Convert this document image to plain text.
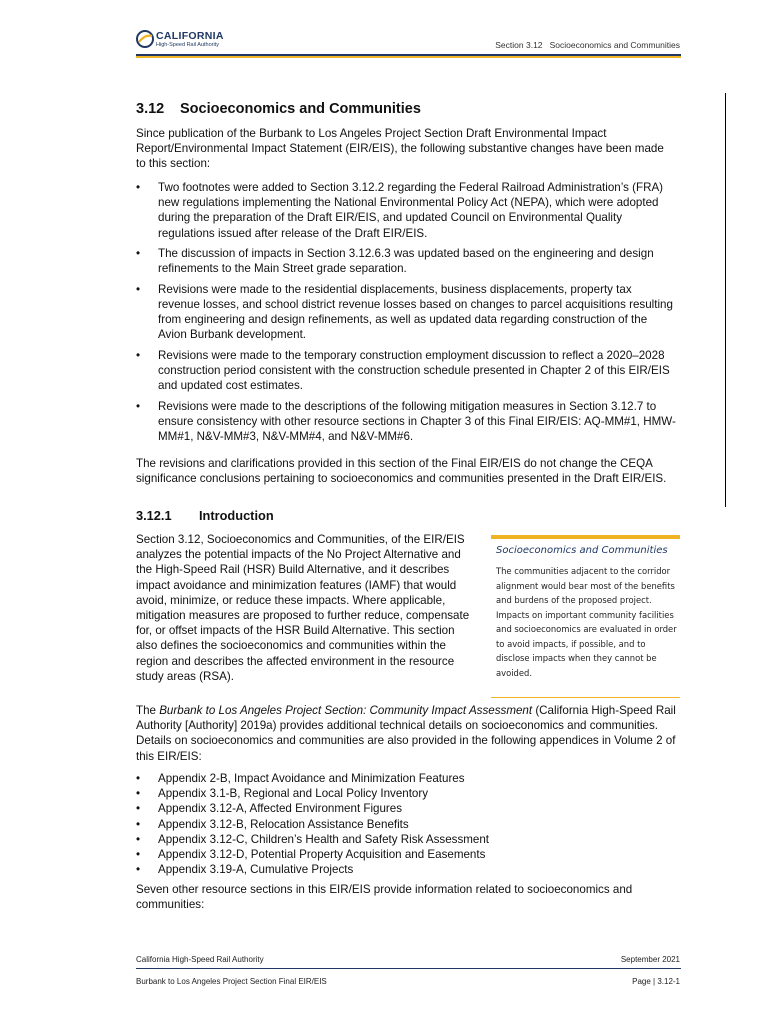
CALIFORNIA
High-Speed Rail Authority	Section 3.12   Socioeconomics and Communities
3.12 Socioeconomics and Communities
Since publication of the Burbank to Los Angeles Project Section Draft Environmental Impact Report/Environmental Impact Statement (EIR/EIS), the following substantive changes have been made to this section:
• Two footnotes were added to Section 3.12.2 regarding the Federal Railroad Administration’s (FRA) new regulations implementing the National Environmental Policy Act (NEPA), which were adopted during the preparation of the Draft EIR/EIS, and updated Council on Environmental Quality regulations issued after release of the Draft EIR/EIS.
• The discussion of impacts in Section 3.12.6.3 was updated based on the engineering and design refinements to the Main Street grade separation.
• Revisions were made to the residential displacements, business displacements, property tax revenue losses, and school district revenue losses based on changes to parcel acquisitions resulting from engineering and design refinements, as well as updated data regarding construction of the Avion Burbank development.
• Revisions were made to the temporary construction employment discussion to reflect a 2020–2028 construction period consistent with the construction schedule presented in Chapter 2 of this EIR/EIS and updated cost estimates.
• Revisions were made to the descriptions of the following mitigation measures in Section 3.12.7 to ensure consistency with other resource sections in Chapter 3 of this Final EIR/EIS: AQ-MM#1, HMW-MM#1, N&V-MM#3, N&V-MM#4, and N&V-MM#6.
The revisions and clarifications provided in this section of the Final EIR/EIS do not change the CEQA significance conclusions pertaining to socioeconomics and communities presented in the Draft EIR/EIS.
3.12.1 Introduction
Section 3.12, Socioeconomics and Communities, of the EIR/EIS analyzes the potential impacts of the No Project Alternative and the High-Speed Rail (HSR) Build Alternative, and it describes impact avoidance and minimization features (IAMF) that would avoid, minimize, or reduce these impacts. Where applicable, mitigation measures are proposed to further reduce, compensate for, or offset impacts of the HSR Build Alternative. This section also defines the socioeconomics and communities within the region and describes the affected environment in the resource study areas (RSA).
Socioeconomics and Communities
The communities adjacent to the corridor alignment would bear most of the benefits and burdens of the proposed project. Impacts on important community facilities and socioeconomics are evaluated in order to avoid impacts, if possible, and to disclose impacts when they cannot be avoided.
The Burbank to Los Angeles Project Section: Community Impact Assessment (California High-Speed Rail Authority [Authority] 2019a) provides additional technical details on socioeconomics and communities. Details on socioeconomics and communities are also provided in the following appendices in Volume 2 of this EIR/EIS:
• Appendix 2-B, Impact Avoidance and Minimization Features
• Appendix 3.1-B, Regional and Local Policy Inventory
• Appendix 3.12-A, Affected Environment Figures
• Appendix 3.12-B, Relocation Assistance Benefits
• Appendix 3.12-C, Children’s Health and Safety Risk Assessment
• Appendix 3.12-D, Potential Property Acquisition and Easements
• Appendix 3.19-A, Cumulative Projects
Seven other resource sections in this EIR/EIS provide information related to socioeconomics and communities:
California High-Speed Rail Authority	September 2021
Burbank to Los Angeles Project Section Final EIR/EIS	Page | 3.12-1
